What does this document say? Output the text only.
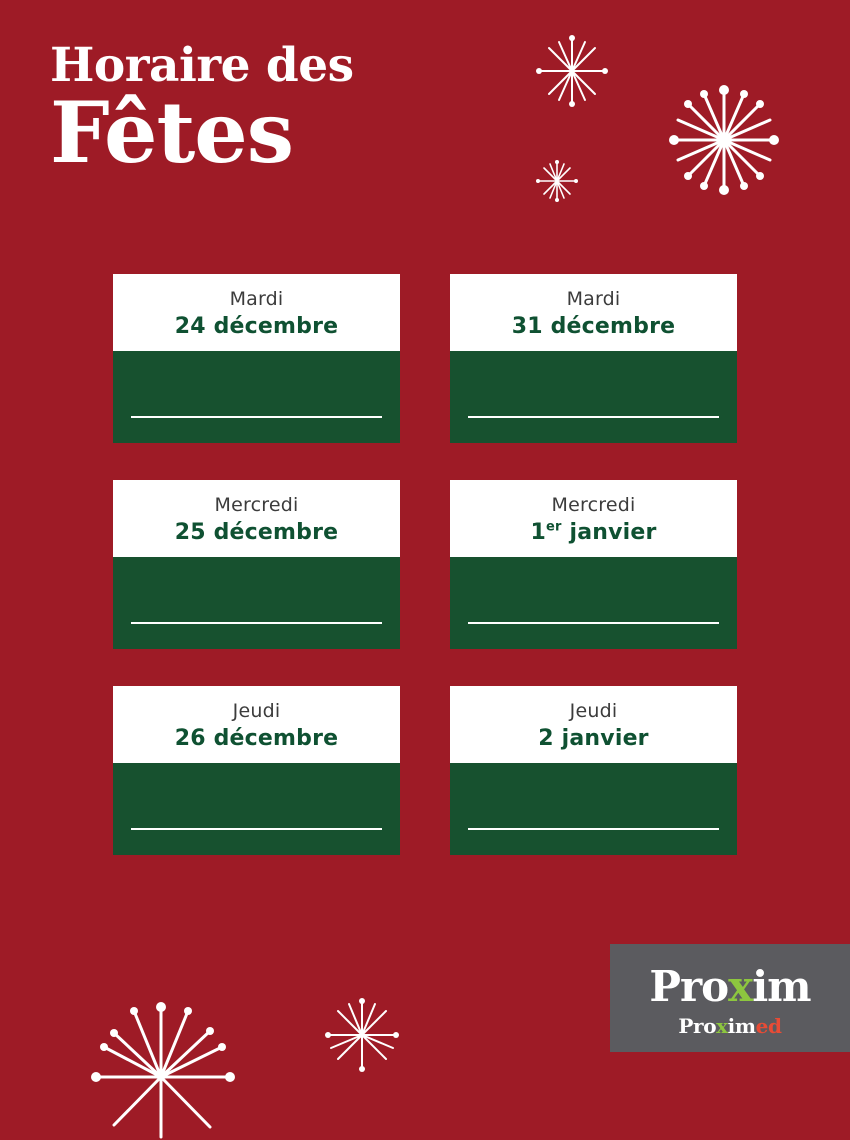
Horaire des
Fêtes
Mardi
24 décembre
Mardi
31 décembre
Mercredi
25 décembre
Mercredi
1er janvier
Jeudi
26 décembre
Jeudi
2 janvier
Proxim
Proximed
